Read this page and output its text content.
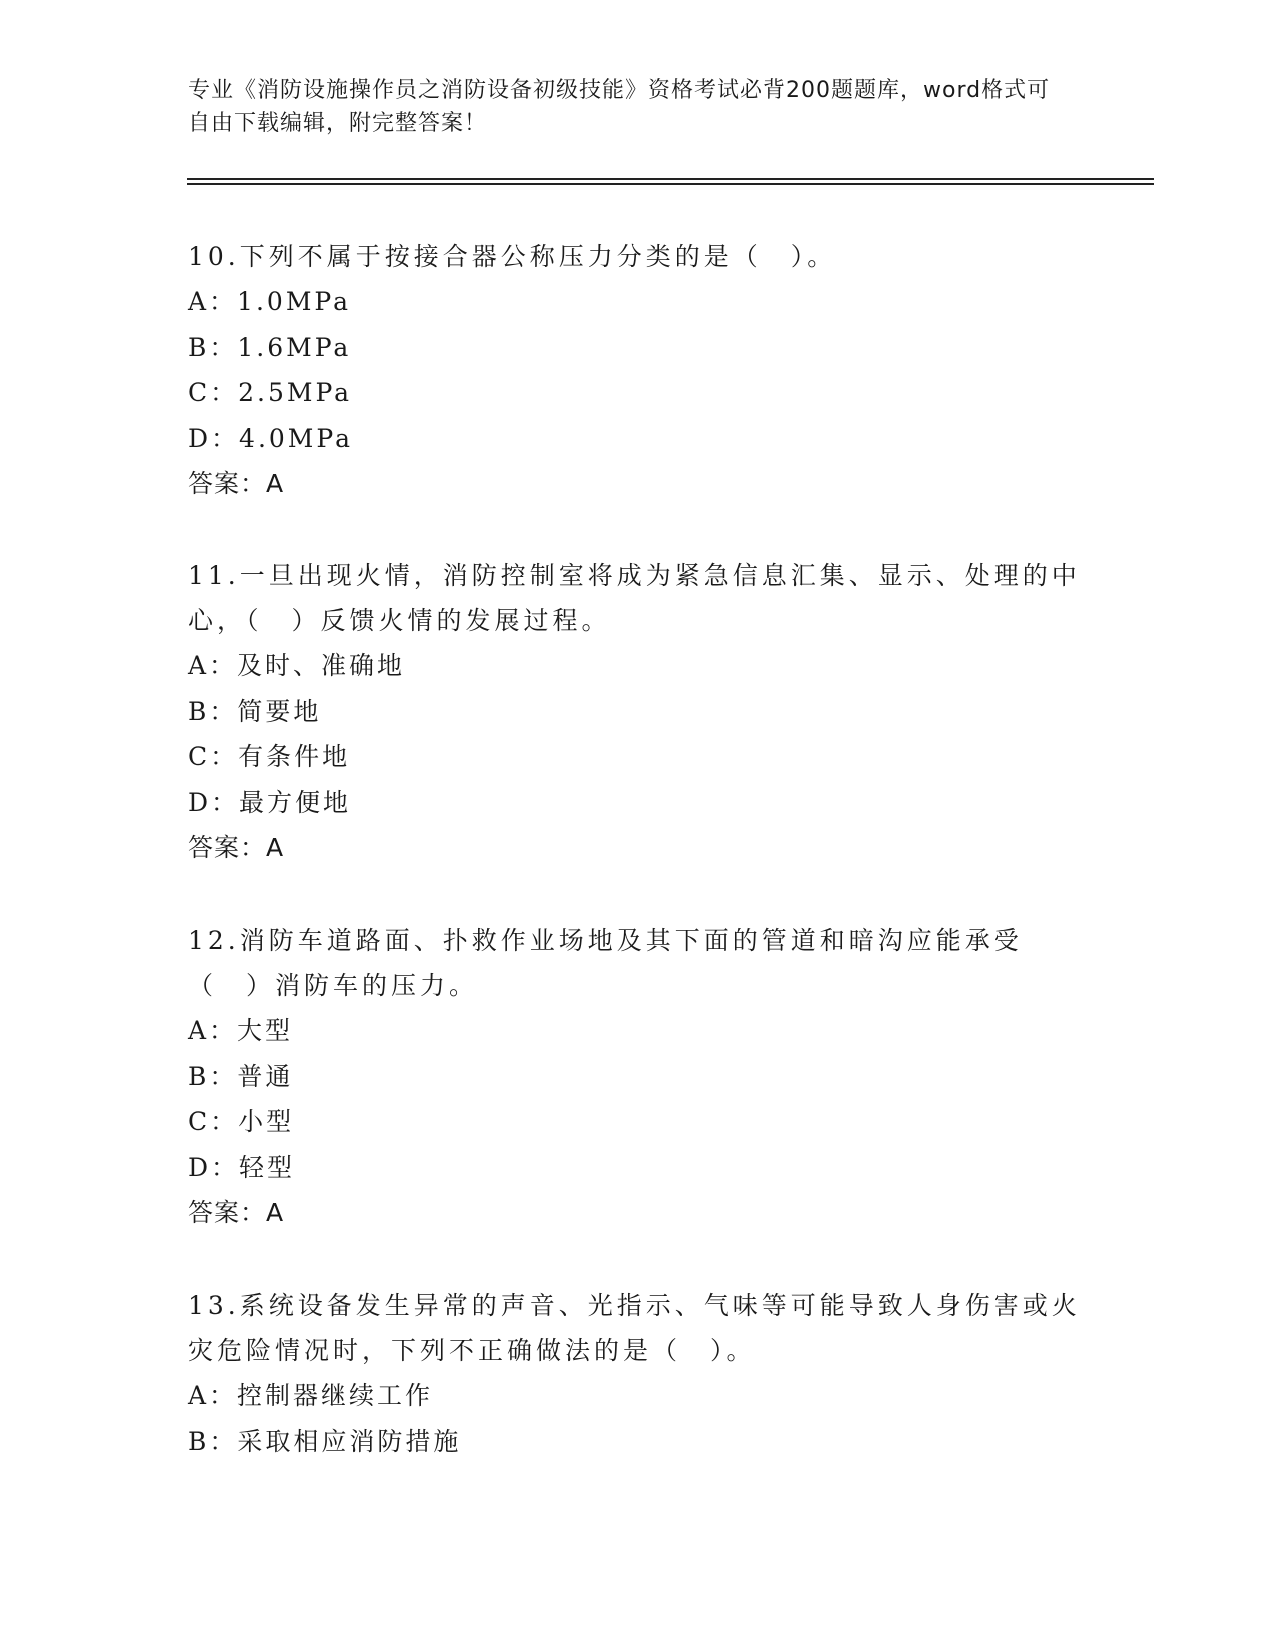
专业《消防设施操作员之消防设备初级技能》资格考试必背200题题库，word格式可自由下载编辑，附完整答案！
10.下列不属于按接合器公称压力分类的是（　）。
A：1.0MPa
B：1.6MPa
C：2.5MPa
D：4.0MPa
答案：A
11.一旦出现火情，消防控制室将成为紧急信息汇集、显示、处理的中心，（　）反馈火情的发展过程。
A：及时、准确地
B：简要地
C：有条件地
D：最方便地
答案：A
12.消防车道路面、扑救作业场地及其下面的管道和暗沟应能承受（　）消防车的压力。
A：大型
B：普通
C：小型
D：轻型
答案：A
13.系统设备发生异常的声音、光指示、气味等可能导致人身伤害或火灾危险情况时，下列不正确做法的是（　）。
A：控制器继续工作
B：采取相应消防措施
